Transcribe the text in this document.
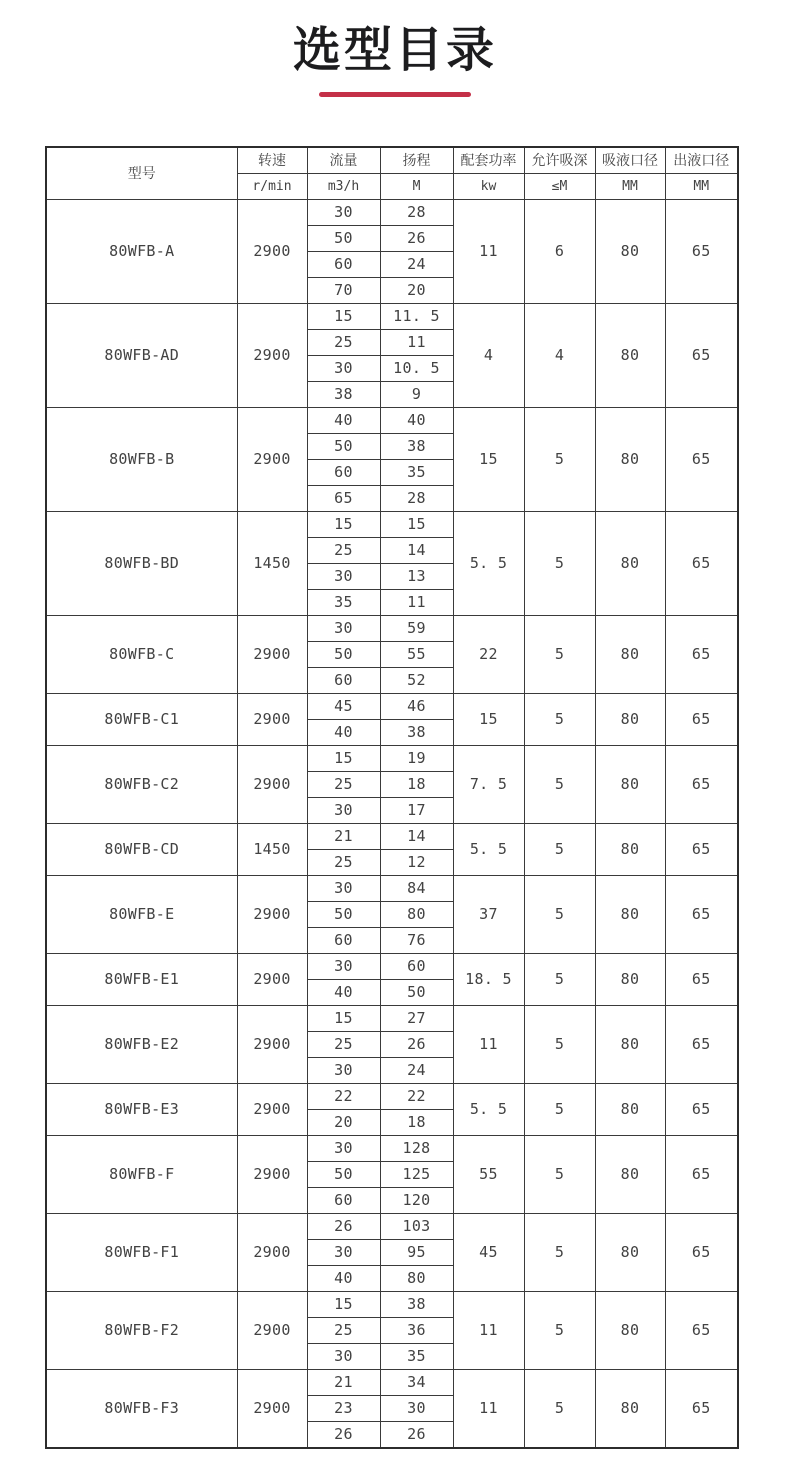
选型目录
型号	转速	流量	扬程	配套功率	允许吸深	吸液口径	出液口径
	r/min	m3/h	M	kw	≤M	MM	MM
80WFB-A	2900	30	28	11	6	80	65
		50	26				
		60	24				
		70	20				
80WFB-AD	2900	15	11. 5	4	4	80	65
		25	11				
		30	10. 5				
		38	9				
80WFB-B	2900	40	40	15	5	80	65
		50	38				
		60	35				
		65	28				
80WFB-BD	1450	15	15	5. 5	5	80	65
		25	14				
		30	13				
		35	11				
80WFB-C	2900	30	59	22	5	80	65
		50	55				
		60	52				
80WFB-C1	2900	45	46	15	5	80	65
		40	38				
80WFB-C2	2900	15	19	7. 5	5	80	65
		25	18				
		30	17				
80WFB-CD	1450	21	14	5. 5	5	80	65
		25	12				
80WFB-E	2900	30	84	37	5	80	65
		50	80				
		60	76				
80WFB-E1	2900	30	60	18. 5	5	80	65
		40	50				
80WFB-E2	2900	15	27	11	5	80	65
		25	26				
		30	24				
80WFB-E3	2900	22	22	5. 5	5	80	65
		20	18				
80WFB-F	2900	30	128	55	5	80	65
		50	125				
		60	120				
80WFB-F1	2900	26	103	45	5	80	65
		30	95				
		40	80				
80WFB-F2	2900	15	38	11	5	80	65
		25	36				
		30	35				
80WFB-F3	2900	21	34	11	5	80	65
		23	30				
		26	26				
